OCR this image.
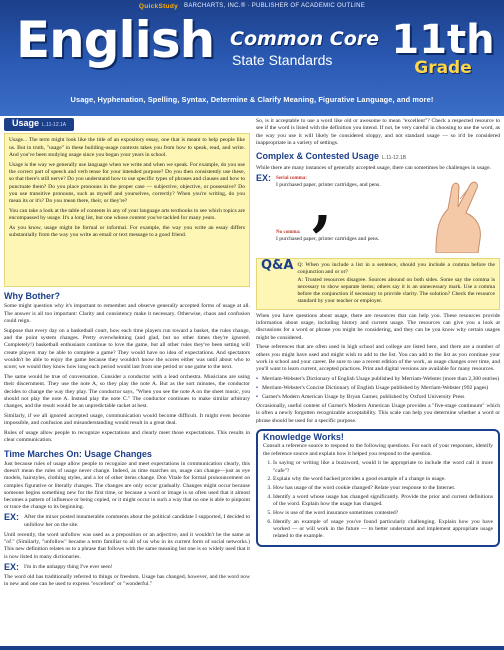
QuickStudy BARCHARTS, INC.® · PUBLISHER OF ACADEMIC OUTLINE
English Common Core
State Standards 11th
Grade
Usage, Hyphenation, Spelling, Syntax, Determine & Clarify Meaning, Figurative Language, and more!
Usage L.11-12.1A

Usage... The term might look like the title of an expository essay, one that is meant to help people like us. But in truth, "usage" in these building-usage contexts takes you from how to speak, read, and write. And you've been studying usage since you began your years in school.

Usage is the way we generally use language when we write and when we speak. For example, do you use the correct part of speech and verb tense for your intended purpose? Do you then consistently use these, so that there's still nerve? Do you understand how to use specific types of phrases and clauses and how to punctuate them? Do you place pronouns in the proper case — subjective, objective, or possessive? Do you use transitive pronouns, such as myself and yourselves, correctly? When you're writing, do you mean its or it's? Do you mean there, their, or they're?

You can take a look at the table of contents in any of your language arts textbooks to see which topics are encompassed by usage. It's a long list, but one whose content you've tackled for many years.

As you know, usage might be formal or informal. For example, the way you write an essay differs substantially from the way you write an email or text message to a good friend.

Why Bother?

Some might question why it's important to remember and observe generally accepted forms of usage at all. The answer is all too important: Clarity and consistency make it necessary. Otherwise, chaos and confusion could reign.

Suppose that every day on a basketball court, how each time players run toward a basket, the rules change, and the point system changes. Pretty overwhelming (and glad, but no other times they're ignored. Completely!) basketball enthusiasts continue to love the game, but all other rules they've been setting will create players may be able to complete a game? They would have no idea of expectations. And spectators wouldn't be able to enjoy the game because they wouldn't know the scores either was until about who to score; we would they know how long each period would last from one period or one game to the next.

The same would be true of conversation. Consider a conductor with a lead orchestra. Musicians are using their discernment. They use the note A, so they play the note A. But as the sort minutes, the conductor decides to change the way they play. The conductor says, "When you see the note A on the sheet music, you should not play the note A. Instead play the note C." The conductor continues to make similar arbitrary changes, and the result would be an unpredictable racket at best.

Similarly, if we all ignored accepted usage, communication would become difficult. It might even become impossible, and confusion and misunderstanding would result in a great deal.

Rules of usage allow people to recognize expectations and clearly meet those expectations. This results in clear communication.

Time Marches On: Usage Changes

Just because rules of usage allow people to recognize and meet expectations in communication clearly, this doesn't mean the rules of usage never change. Indeed, as time marches on, usage can change—just as eye models, hairstyles, clothing styles, and a lot of other items change. Don Vitale for formal pronouncement on complex figurative or literally changes. The changes are only occur gradually. Changes might occur because someone begins something new for the first time, or because a word or image is so often used that it almost becomes a pattern of influence or being copied, or it might occur in such a way that no one is able to pinpoint or trace the change to its beginning.

EX: After the mixer posted innumerable comments about the political candidate I supported, I decided to unfollow her on the site.

Until recently, the word unfollow was used as a preposition or an adjective, and it wouldn't be the same as "of." (Similarly, "unfollow" became a term familiar to all of us who in its current form of social networks.) This new definition relates us to a phrase that follows with the same meaning but one is so widely used that it is now listed in many dictionaries.

EX: I'm in the unhappy thing I've ever seen!

The word old has traditionally referred to things or freedom. Usage has changed, however, and the word now in new and one can be used to express "excellent" or "wonderful."

So, is it acceptable to use a word like old or awesome to mean "excellent"? Check a respected resource to see if the word is listed with the definition you intend. If not, be very careful in choosing to use the word, as the way you use it will likely be considered sloppy, and not standard usage — so it'd be considered inappropriate in a variety of settings.

Complex & Contested Usage L.11-12.1B

While there are many instances of generally accepted usage, there can sometimes be challenges in usage.

EX: Serial comma:
I purchased paper, printer cartridges, and pens.
No comma:
I purchased paper, printer cartridges and pens.
,
Q&A Q: When you include a list in a sentence, should you include a comma before the conjunction and or or?

A: Trusted resources disagree. Sources abound on both sides. Some say the comma is necessary to show separate items; others say it is an unnecessary mark. Use a comma before the conjunction if necessary to provide clarity. The solution? Check the resource standard by your teacher or employer.

When you have questions about usage, there are resources that can help you. These resources provide information about usage, including history and current usage. The resources can give you a look at discussions for a word or phrase you might be considering, and they can be you know why certain usages might be considered.

These references that are often used in high school and college are listed here, and there are a number of others you might have used and might wish to add to the list. You can add to the list as you continue your work in school and your career. Be sure to use a recent edition of the work, as usage changes over time, and you'll want to learn current, accepted practices. Print and digital versions are available for many resources.

• Merriam-Webster's Dictionary of English Usage published by Merriam-Webster (more than 2,300 entries)
• Merriam-Webster's Concise Dictionary of English Usage published by Merriam-Webster (992 pages)
• Garner's Modern American Usage by Bryan Garner, published by Oxford University Press

Occasionally, useful content of Garner's Modern American Usage provides a "five-stage continuum" which is often a newly forgotten recognizable acceptability. This scale can help you determine whether a word or phrase should be used for a specific purpose.

Knowledge Works!

Consult a reference source to respond to the following questions. For each of your responses, identify the reference source and explain how it helped you respond to the question.

1. Is saying or writing like a buzzword, would it be appropriate to include the word call it more "cafe"?
2. Explain why the word hacked provides a good example of a change in usage.
3. How has usage of the word cookie changed? Relate your response to the Internet.
4. Identify a word whose usage has changed significantly. Provide the prior and current definitions of the word. Explain how the usage has changed.
5. How is use of the word insurance sometimes contested?
6. Identify an example of usage you've found particularly challenging. Explain how you have worked — or will work in the future — to better understand and implement appropriate usage related to the example.
